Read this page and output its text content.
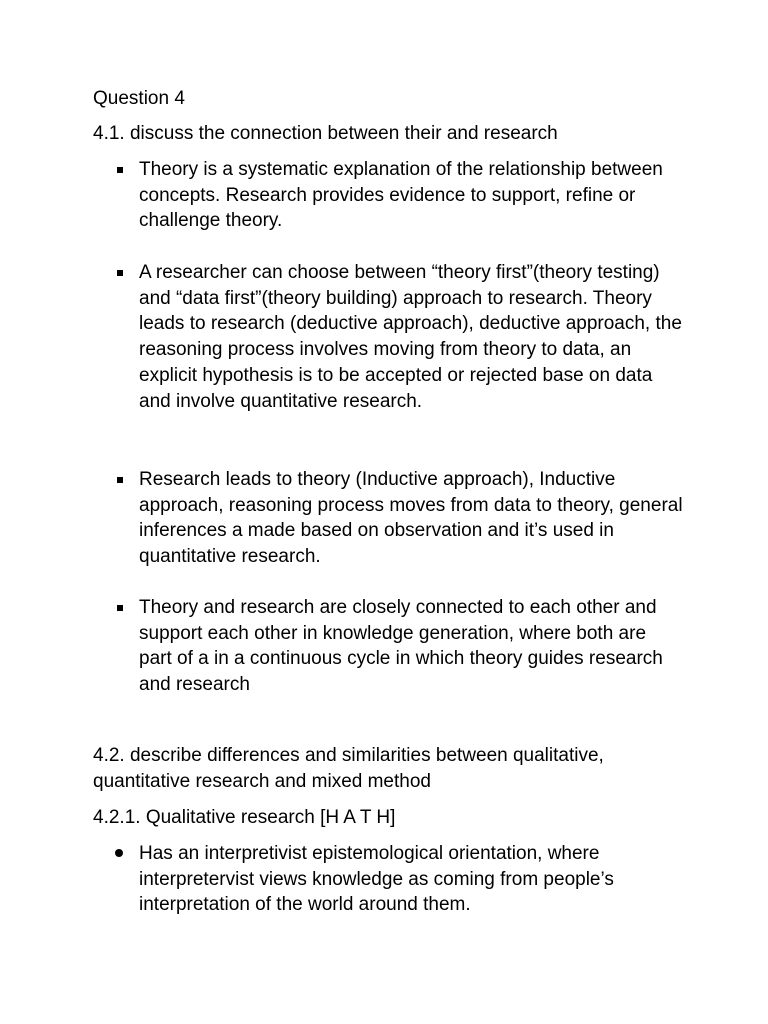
Question 4

4.1. discuss the connection between their and research

Theory is a systematic explanation of the relationship between concepts. Research provides evidence to support, refine or challenge theory.
A researcher can choose between “theory first”(theory testing) and “data first”(theory building) approach to research. Theory leads to research (deductive approach), deductive approach, the reasoning process involves moving from theory to data, an explicit hypothesis is to be accepted or rejected base on data and involve quantitative research.
Research leads to theory (Inductive approach), Inductive approach, reasoning process moves from data to theory, general inferences a made based on observation and it’s used in quantitative research.
Theory and research are closely connected to each other and support each other in knowledge generation, where both are part of a in a continuous cycle in which theory guides research and research

4.2. describe differences and similarities between qualitative, quantitative research and mixed method

4.2.1. Qualitative research [H A T H]

Has an interpretivist epistemological orientation, where interpretervist views knowledge as coming from people’s interpretation of the world around them.
